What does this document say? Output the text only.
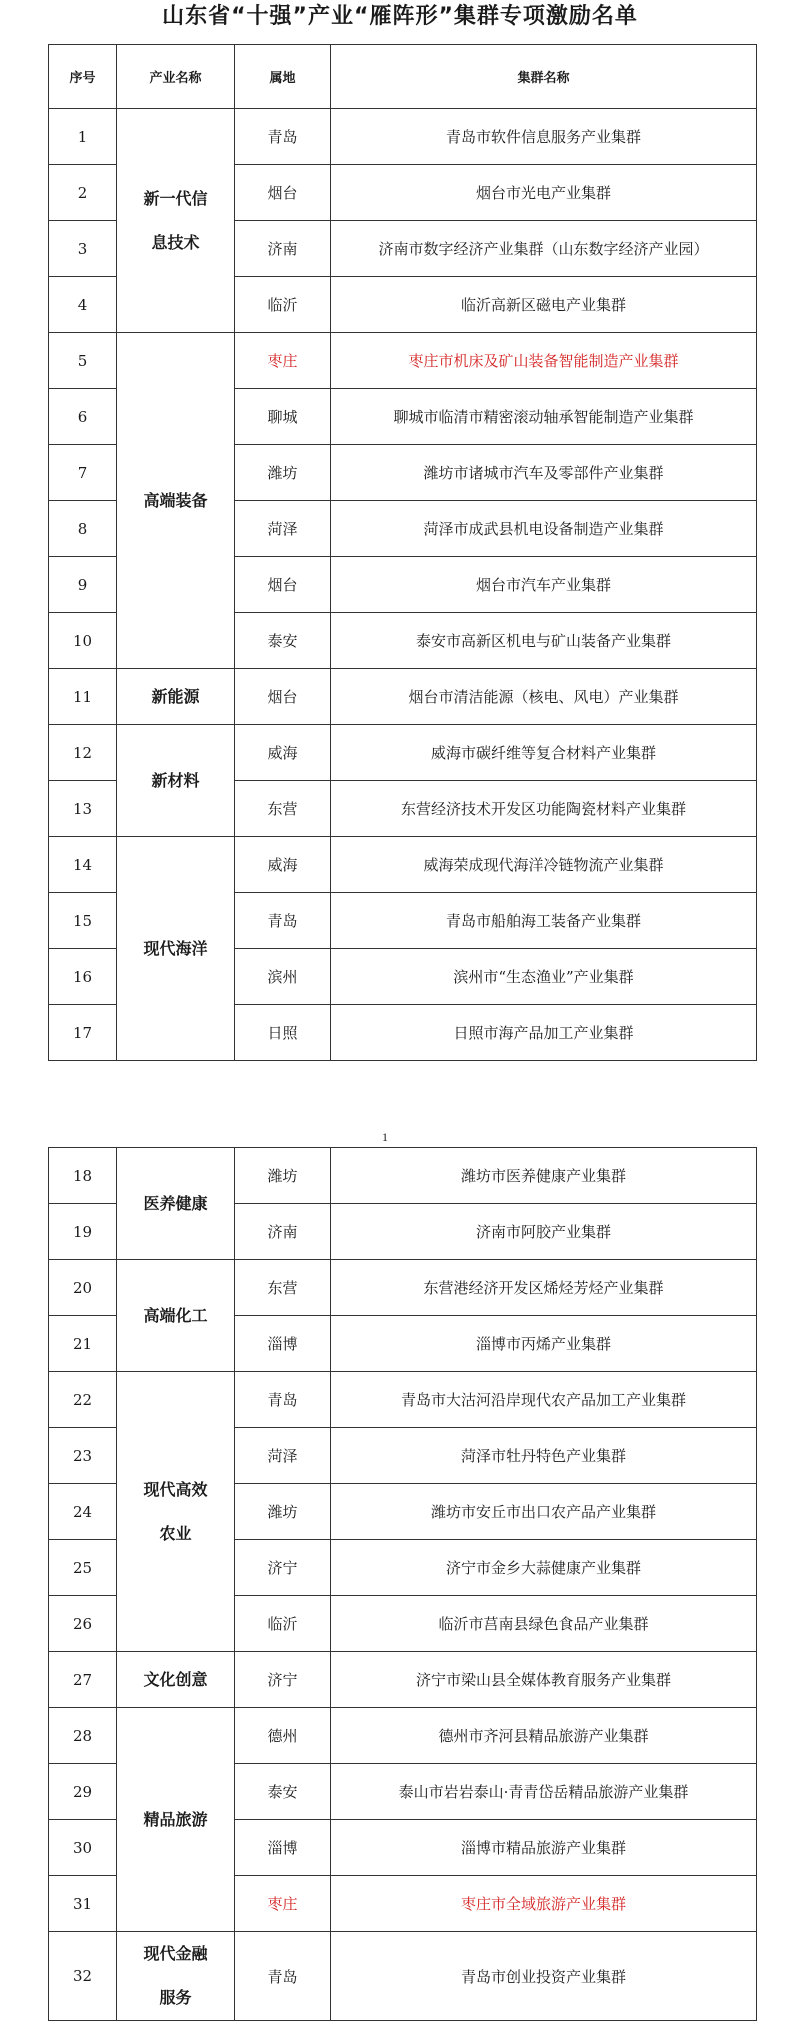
山东省“十强”产业“雁阵形”集群专项激励名单
序号	产业名称	属地	集群名称
1	新一代信息技术	青岛	青岛市软件信息服务产业集群
2		烟台	烟台市光电产业集群
3		济南	济南市数字经济产业集群（山东数字经济产业园）
4		临沂	临沂高新区磁电产业集群
5	高端装备	枣庄	枣庄市机床及矿山装备智能制造产业集群
6		聊城	聊城市临清市精密滚动轴承智能制造产业集群
7		潍坊	潍坊市诸城市汽车及零部件产业集群
8		菏泽	菏泽市成武县机电设备制造产业集群
9		烟台	烟台市汽车产业集群
10		泰安	泰安市高新区机电与矿山装备产业集群
11	新能源	烟台	烟台市清洁能源（核电、风电）产业集群
12	新材料	威海	威海市碳纤维等复合材料产业集群
13		东营	东营经济技术开发区功能陶瓷材料产业集群
14	现代海洋	威海	威海荣成现代海洋冷链物流产业集群
15		青岛	青岛市船舶海工装备产业集群
16		滨州	滨州市“生态渔业”产业集群
17		日照	日照市海产品加工产业集群
1
18	医养健康	潍坊	潍坊市医养健康产业集群
19		济南	济南市阿胶产业集群
20	高端化工	东营	东营港经济开发区烯烃芳烃产业集群
21		淄博	淄博市丙烯产业集群
22	现代高效农业	青岛	青岛市大沽河沿岸现代农产品加工产业集群
23		菏泽	菏泽市牡丹特色产业集群
24		潍坊	潍坊市安丘市出口农产品产业集群
25		济宁	济宁市金乡大蒜健康产业集群
26		临沂	临沂市莒南县绿色食品产业集群
27	文化创意	济宁	济宁市梁山县全媒体教育服务产业集群
28	精品旅游	德州	德州市齐河县精品旅游产业集群
29		泰安	泰山市岩岩泰山·青青岱岳精品旅游产业集群
30		淄博	淄博市精品旅游产业集群
31		枣庄	枣庄市全域旅游产业集群
32	现代金融服务	青岛	青岛市创业投资产业集群
